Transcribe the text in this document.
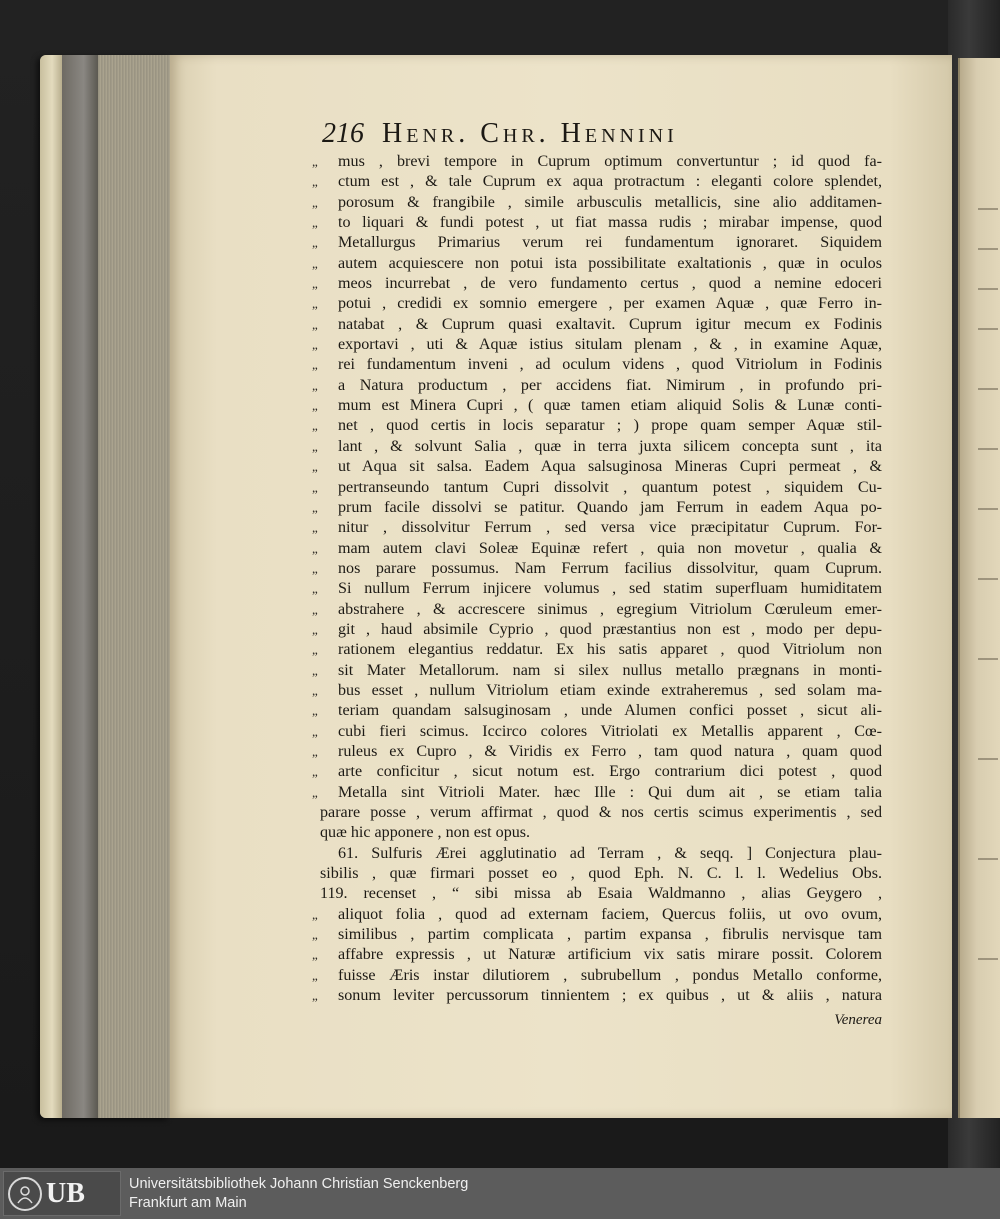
216 Henr. Chr. Hennini
„ mus , brevi tempore in Cuprum optimum convertuntur ; id quod fa-
„ ctum est , & tale Cuprum ex aqua protractum : eleganti colore splendet,
„ porosum & frangibile , simile arbusculis metallicis, sine alio additamen-
„ to liquari & fundi potest , ut fiat massa rudis ; mirabar impense, quod
„ Metallurgus Primarius verum rei fundamentum ignoraret. Siquidem
„ autem acquiescere non potui ista possibilitate exaltationis , quæ in oculos
„ meos incurrebat , de vero fundamento certus , quod a nemine edoceri
„ potui , credidi ex somnio emergere , per examen Aquæ , quæ Ferro in-
„ natabat , & Cuprum quasi exaltavit. Cuprum igitur mecum ex Fodinis
„ exportavi , uti & Aquæ istius situlam plenam , & , in examine Aquæ,
„ rei fundamentum inveni , ad oculum videns , quod Vitriolum in Fodinis
„ a Natura productum , per accidens fiat. Nimirum , in profundo pri-
„ mum est Minera Cupri , ( quæ tamen etiam aliquid Solis & Lunæ conti-
„ net , quod certis in locis separatur ; ) prope quam semper Aquæ stil-
„ lant , & solvunt Salia , quæ in terra juxta silicem concepta sunt , ita
„ ut Aqua sit salsa. Eadem Aqua salsuginosa Mineras Cupri permeat , &
„ pertranseundo tantum Cupri dissolvit , quantum potest , siquidem Cu-
„ prum facile dissolvi se patitur. Quando jam Ferrum in eadem Aqua po-
„ nitur , dissolvitur Ferrum , sed versa vice præcipitatur Cuprum. For-
„ mam autem clavi Soleæ Equinæ refert , quia non movetur , qualia &
„ nos parare possumus. Nam Ferrum facilius dissolvitur, quam Cuprum.
„ Si nullum Ferrum injicere volumus , sed statim superfluam humiditatem
„ abstrahere , & accrescere sinimus , egregium Vitriolum Cœruleum emer-
„ git , haud absimile Cyprio , quod præstantius non est , modo per depu-
„ rationem elegantius reddatur. Ex his satis apparet , quod Vitriolum non
„ sit Mater Metallorum. nam si silex nullus metallo prægnans in monti-
„ bus esset , nullum Vitriolum etiam exinde extraheremus , sed solam ma-
„ teriam quandam salsuginosam , unde Alumen confici posset , sicut ali-
„ cubi fieri scimus. Iccirco colores Vitriolati ex Metallis apparent , Cœ-
„ ruleus ex Cupro , & Viridis ex Ferro , tam quod natura , quam quod
„ arte conficitur , sicut notum est. Ergo contrarium dici potest , quod
„ Metalla sint Vitrioli Mater. hæc Ille : Qui dum ait , se etiam talia
parare posse , verum affirmat , quod & nos certis scimus experimentis , sed
quæ hic apponere , non est opus.
61. Sulfuris Ærei agglutinatio ad Terram , & seqq. ] Conjectura plau-
sibilis , quæ firmari posset eo , quod Eph. N. C. l. l. Wedelius Obs.
119. recenset , “ sibi missa ab Esaia Waldmanno , alias Geygero ,
„ aliquot folia , quod ad externam faciem, Quercus foliis, ut ovo ovum,
„ similibus , partim complicata , partim expansa , fibrulis nervisque tam
„ affabre expressis , ut Naturæ artificium vix satis mirare possit. Colorem
„ fuisse Æris instar dilutiorem , subrubellum , pondus Metallo conforme,
„ sonum leviter percussorum tinnientem ; ex quibus , ut & aliis , natura
Venerea
UB	Universitätsbibliothek Johann Christian Senckenberg
Frankfurt am Main
